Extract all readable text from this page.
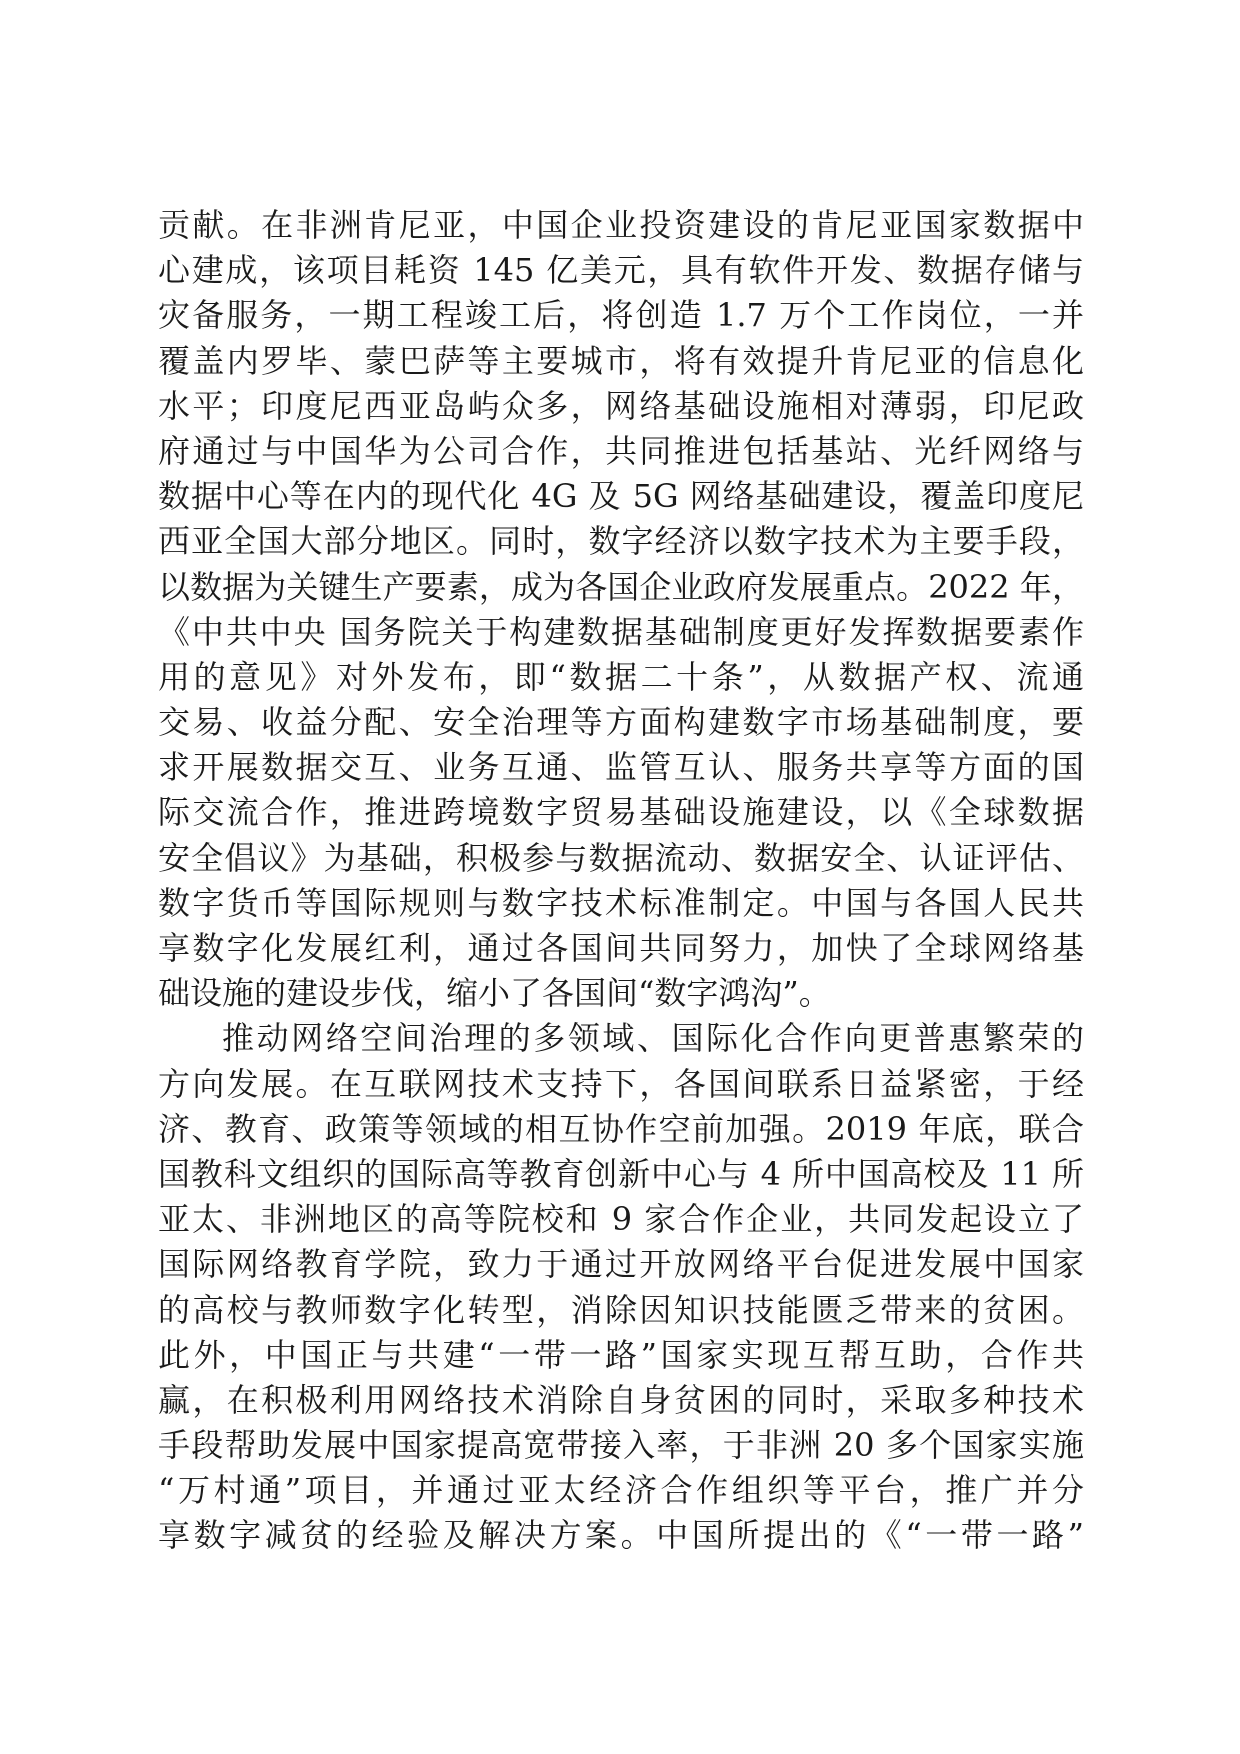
贡献。在非洲肯尼亚，中国企业投资建设的肯尼亚国家数据中
心建成，该项目耗资 145 亿美元，具有软件开发、数据存储与
灾备服务，一期工程竣工后，将创造 1.7 万个工作岗位，一并
覆盖内罗毕、蒙巴萨等主要城市，将有效提升肯尼亚的信息化
水平；印度尼西亚岛屿众多，网络基础设施相对薄弱，印尼政
府通过与中国华为公司合作，共同推进包括基站、光纤网络与
数据中心等在内的现代化 4G 及 5G 网络基础建设，覆盖印度尼
西亚全国大部分地区。同时，数字经济以数字技术为主要手段，
以数据为关键生产要素，成为各国企业政府发展重点。2022 年，
《中共中央 国务院关于构建数据基础制度更好发挥数据要素作
用的意见》对外发布，即“数据二十条”，从数据产权、流通
交易、收益分配、安全治理等方面构建数字市场基础制度，要
求开展数据交互、业务互通、监管互认、服务共享等方面的国
际交流合作，推进跨境数字贸易基础设施建设，以《全球数据
安全倡议》为基础，积极参与数据流动、数据安全、认证评估、
数字货币等国际规则与数字技术标准制定。中国与各国人民共
享数字化发展红利，通过各国间共同努力，加快了全球网络基
础设施的建设步伐，缩小了各国间“数字鸿沟”。
推动网络空间治理的多领域、国际化合作向更普惠繁荣的
方向发展。在互联网技术支持下，各国间联系日益紧密，于经
济、教育、政策等领域的相互协作空前加强。2019 年底，联合
国教科文组织的国际高等教育创新中心与 4 所中国高校及 11 所
亚太、非洲地区的高等院校和 9 家合作企业，共同发起设立了
国际网络教育学院，致力于通过开放网络平台促进发展中国家
的高校与教师数字化转型，消除因知识技能匮乏带来的贫困。
此外，中国正与共建“一带一路”国家实现互帮互助，合作共
赢，在积极利用网络技术消除自身贫困的同时，采取多种技术
手段帮助发展中国家提高宽带接入率，于非洲 20 多个国家实施
“万村通”项目，并通过亚太经济合作组织等平台，推广并分
享数字减贫的经验及解决方案。中国所提出的《“一带一路”
